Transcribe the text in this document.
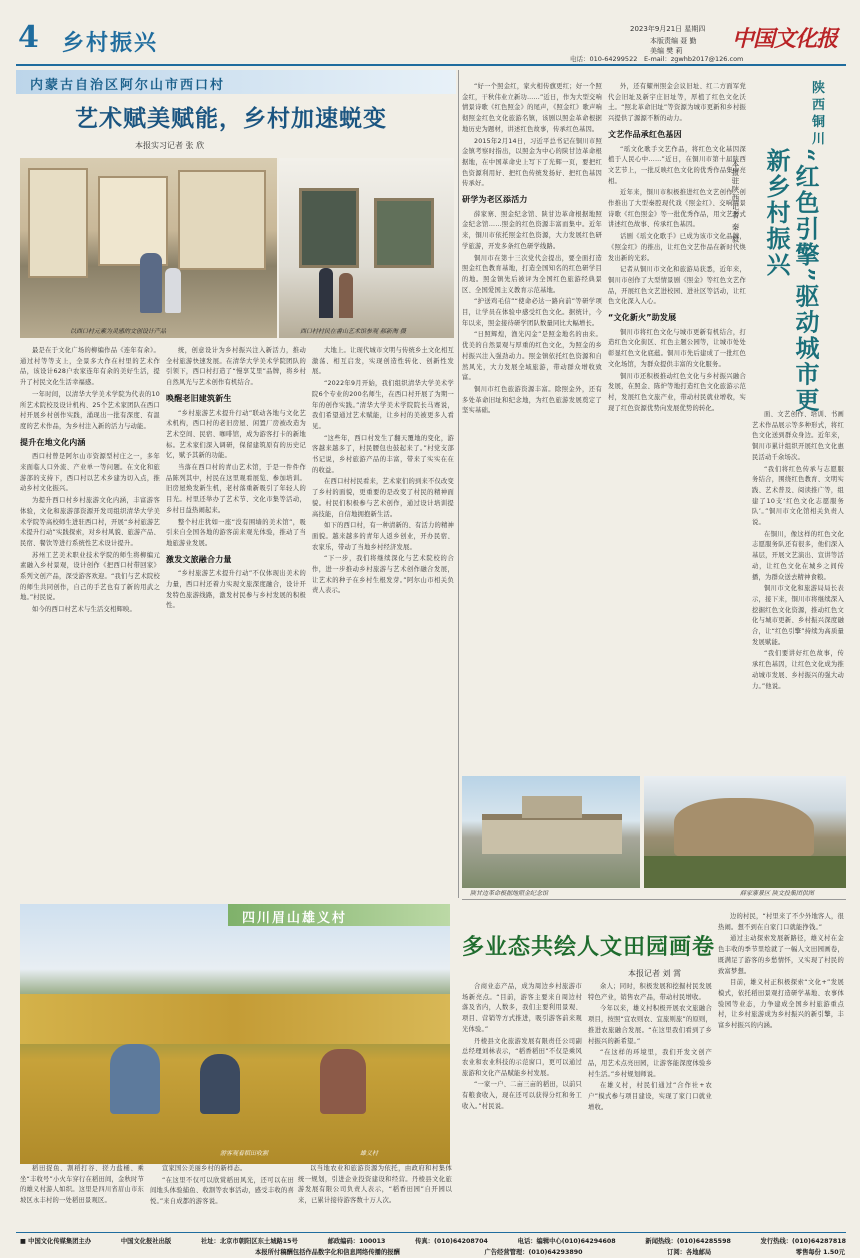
4 乡村振兴
2023年9月21日 星期四
本版责编 聂 勤
美编 樊 莉
电话：010-64299522 E-mail：zgwhb2017@126.com
中国文化报
内蒙古自治区阿尔山市西口村
艺术赋美赋能，乡村加速蜕变
本报实习记者 张 欣
以西口村元素为灵感的文创设计产品	西口村村民在書山艺术馆参观 郝新淘 摄
最是在于文化广场的柳编作品《连年有余》。通过村等等支上，全景多大作在村里的艺术作品，该设计628户农家连年有余的美好生活，提升了村民文化生活幸福感。
一年时间，以清华大学美术学院为代表的10所艺术院校及设计机构、25个艺术家团队在西口村开展乡村创作实践，涌现出一批有深度、有温度的艺术作品，为乡村注入新的活力与动能。
提升在地文化内涵
西口村曾是阿尔山市资源型村庄之一，多年来面临人口外流、产业单一等问题。在文化和旅游部的支持下，西口村以艺术乡建为切入点，推动乡村文化振兴。
为提升西口村乡村旅游文化内涵，丰富游客体验，文化和旅游部资源开发司组织清华大学美术学院等高校师生进驻西口村，开展“乡村旅游艺术提升行动”实践探索，对乡村风貌、旅游产品、民宿、餐饮等进行系统性艺术设计提升。
苏州工艺美术职业技术学院的师生将柳编元素融入乡村景观，设计创作《把西口村带回家》系列文创产品，深受游客欢迎。“我们与艺术院校的师生共同创作，自己的手艺也有了新的用武之地。”村民说。
如今的西口村艺术与生活交相辉映。
统，创意设计为乡村振兴注入新活力，推动全村旅游快速发展。在清华大学美术学院团队的引领下，西口村打造了“慢享艾里”品牌，将乡村自然风光与艺术创作有机结合。
唤醒老旧建筑新生
“乡村旅游艺术提升行动”联动各地与文化艺术机构，西口村的老旧房屋、闲置厂房被改造为艺术空间、民宿、咖啡馆，成为游客打卡的新地标。艺术家们深入调研，保留建筑原有的历史记忆，赋予其新的功能。
当落在西口村的青山艺术馆，于是一件件作品陈列其中，村民在这里观看展览、参加培训。旧房屋焕发新生机，老村落重新吸引了年轻人的目光。村里还举办了艺术节、文化市集等活动，乡村日益热闹起来。
整个村庄犹如一座“没有围墙的美术馆”，吸引来自全国各地的游客前来观光体验，推动了当地旅游业发展。
激发文旅融合力量
“乡村旅游艺术提升行动”不仅体现出美术的力量，西口村还着力实现文旅深度融合，设计开发特色旅游线路，激发村民参与乡村发展的积极性。
大地上。让现代城市文明与传统乡土文化相互激荡、相互启发，实现创造性转化、创新性发展。
“2022年9月开始，我们组织清华大学美术学院6个专业的200名师生，在西口村开展了为期一年的创作实践。”清华大学美术学院院长马赛说，我们希望通过艺术赋能，让乡村的美被更多人看见。
“这些年，西口村发生了翻天覆地的变化，游客越来越多了，村民腰包也鼓起来了。”村党支部书记说，乡村旅游产品的丰富，带来了实实在在的收益。
在西口村村民看来，艺术家们的到来不仅改变了乡村的面貌，更重要的是改变了村民的精神面貌。村民们积极参与艺术创作，通过设计培训提高技能，自信地拥抱新生活。
如下的西口村，有一种清新的、有活力的精神面貌。越来越多的青年人返乡创业，开办民宿、农家乐，带动了当地乡村经济发展。
“下一步，我们将继续深化与艺术院校的合作，进一步推动乡村旅游与艺术创作融合发展，让艺术的种子在乡村生根发芽。”阿尔山市相关负责人表示。
“好一个照金红，家火相传旗更红；好一个照金红，干秋伟业立新功……”近日，作为大型交响情景诗歌《红色照金》的尾声，《照金红》歌声响彻照金红色文化旅游名镇，该剧以照金革命根据地历史为题材，讲述红色故事，传承红色基因。
2015年2月14日，习近平总书记在铜川市照金镇考察时指出，以照金为中心的陕甘边革命根据地，在中国革命史上写下了光辉一页，要把红色资源利用好、把红色传统发扬好、把红色基因传承好。
研学为老区添活力
薛家寨、照金纪念馆、陕甘边革命根据地照金纪念馆……照金的红色资源丰富而集中。近年来，铜川市依托照金红色资源，大力发展红色研学旅游，开发多条红色研学线路。
铜川市在第十三次党代会提出，要全面打造照金红色教育基地，打造全国知名的红色研学目的地。照金镇先后被评为全国红色旅游经典景区、全国爱国主义教育示范基地。
“护送鸡毛信”“使命必达一路向前”等研学项目，让学员在体验中感受红色文化。据统计，今年以来，照金接待研学团队数量同比大幅增长。
“日照辉煌，渔光闪金”是照金地名的由来。优美的自然景观与厚重的红色文化，为照金的乡村振兴注入强劲动力。照金镇依托红色资源和自然风光，大力发展全域旅游，带动群众增收致富。
铜川市红色旅游资源丰富。除照金外，还有多处革命旧址和纪念地，为红色旅游发展奠定了坚实基础。
外，还有耀州照金会议旧址、红二方面军党代会旧址及新宇庄旧址等，厚植了红色文化沃土。“照北革命旧址”等资源为城市更新和乡村振兴提供了源源不断的动力。
文艺作品承红色基因
“瑶文化歌手文艺作品，将红色文化基因深植于人民心中……”近日，在铜川市第十届陕西文艺节上，一批反映红色文化的优秀作品集中亮相。
近年来，铜川市积极推进红色文艺创作，创作推出了大型秦腔现代戏《照金红》、交响情景诗歌《红色照金》等一批优秀作品，用文艺形式讲述红色故事、传承红色基因。
话剧《瑶文化歌手》已成为该市文化品牌，《照金红》的推出，让红色文艺作品在新时代焕发出新的光彩。
记者从铜川市文化和旅游局获悉，近年来，铜川市创作了大型情景剧《照金》等红色文艺作品，开展红色文艺进校园、进社区等活动，让红色文化深入人心。
“文化新火”助发展
铜川市将红色文化与城市更新有机结合，打造红色文化街区、红色主题公园等，让城市处处彰显红色文化底蕴。铜川市先后建成了一批红色文化场馆，为群众提供丰富的文化服务。
铜川市还积极推动红色文化与乡村振兴融合发展，在照金、陈炉等地打造红色文化旅游示范村，发展红色文旅产业，带动村民就业增收，实现了红色资源优势向发展优势的转化。
陕西铜川
“红色引擎”驱动城市更新乡村振兴
本报驻陕西记者 秦 毅
面、文艺创作、培训、书画艺术作品展示等多种形式，将红色文化送到群众身边。近年来，铜川市累计组织开展红色文化惠民活动千余场次。
“我们将红色传承与志愿服务结合，围绕红色教育、文明实践、艺术普及、阅读推广等，组建了10支‘红色文化志愿服务队’。”铜川市文化馆相关负责人说。
在铜川，像这样的红色文化志愿服务队还有很多，他们深入基层，开展文艺演出、宣讲等活动，让红色文化在城乡之间传播，为群众送去精神食粮。
铜川市文化和旅游局局长表示，接下来，铜川市将继续深入挖掘红色文化资源，推动红色文化与城市更新、乡村振兴深度融合，让“红色引擎”持续为高质量发展赋能。
“我们要讲好红色故事，传承红色基因，让红色文化成为推动城市发展、乡村振兴的强大动力。”他说。
陕甘边革命根据地照金纪念馆	薛家寨景区 陕文投集团供图
游客观看稻田收割	雄义村
四川眉山雄义村
多业态共绘人文田园画卷
本报记者 刘 霄
稻田捉鱼、割稻打谷、搓力盐桶、乘坐“丰收号”小火车穿行在稻田间，金秋时节的雄义村游人如织。这里是四川省眉山市东坡区永丰村的一处稻田景观区。
宣家国公美丽乡村的新样态。
“在这里不仅可以欣赏稻田风光，还可以在田间地头体验捕鱼、收割等农事活动，感受丰收的喜悦。”来自成都的游客说。
以当地农业和旅游资源为依托，由政府和村集体统一规划，引进企业投资建设和经营。丹棱县文化旅游发展有限公司负责人表示，“稻香田园”自开园以来，已累计接待游客数十万人次。
合商业态产品，成为周边乡村旅游市场新亮点。“目前，游客主要来自周边村落及省内，人数多，我们主要利用景观、项目、营销等方式推进，吸引游客前来观光体验。”
丹棱县文化旅游发展有限责任公司副总经理刘林表示，“稻香稻田”不仅是乘风农业和农业科技的示范窗口，更可以通过旅游和文化产品赋能乡村发展。
“一家一户、二亩三亩的稻田，以前只有粮食收入，现在还可以获得分红和务工收入。”村民说。
余人；同时，积极发展和挖掘村民发展特色产业，销售农产品，带动村民增收。
今年以来，雄义村积极开展农文旅融合项目，按照“宜农则农、宜旅则旅”的原则，推进农旅融合发展。“在这里我们看到了乡村振兴的新希望。”
“在这样的环境里，我们开发文创产品，用艺术点亮田园，让游客能深度体验乡村生活。”乡村规划师说。
在雄义村，村民们通过“合作社+农户”模式参与项目建设，实现了家门口就业增收。
边的村民，“村里来了不少外地客人，很热闹。想不到在自家门口就能挣钱。”
通过主动探索发展新路径，雄义村在金色丰收的季节里绘就了一幅人文田园画卷，既满足了游客的乡愁情怀，又实现了村民的致富梦想。
目前，雄义村正积极探索“文化+”发展模式，依托稻田景观打造研学基地、农事体验园等业态，力争建成全国乡村旅游重点村，让乡村旅游成为乡村振兴的新引擎，丰富乡村振兴的内涵。
■ 中国文化传媒集团主办	中国文化报社出版	社址：北京市朝阳区东土城路15号	邮政编码：100013	传真：(010)64208704	电话：编辑中心(010)64294608	新闻热线：(010)64285598	发行热线：(010)64287818
本报所付稿酬包括作品数字化和信息网络传播的报酬	广告经营管理：(010)64293890	订阅：各地邮局	零售每份 1.50元
